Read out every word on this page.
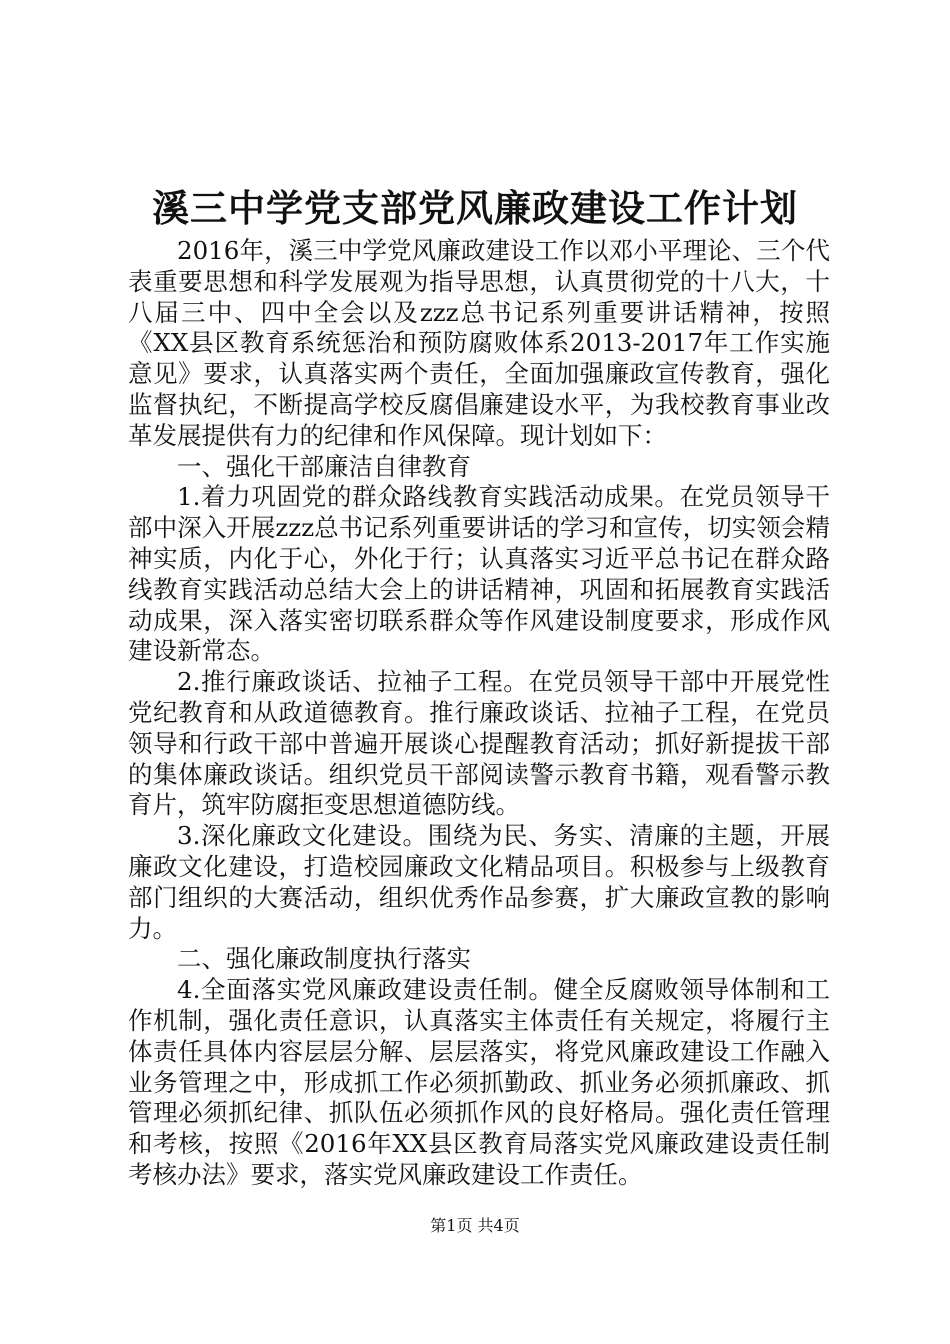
溪三中学党支部党风廉政建设工作计划

2016年，溪三中学党风廉政建设工作以邓小平理论、三个代表重要思想和科学发展观为指导思想，认真贯彻党的十八大，十八届三中、四中全会以及zzz总书记系列重要讲话精神，按照《XX县区教育系统惩治和预防腐败体系2013-2017年工作实施意见》要求，认真落实两个责任，全面加强廉政宣传教育，强化监督执纪，不断提高学校反腐倡廉建设水平，为我校教育事业改革发展提供有力的纪律和作风保障。现计划如下：

一、强化干部廉洁自律教育

1.着力巩固党的群众路线教育实践活动成果。在党员领导干部中深入开展zzz总书记系列重要讲话的学习和宣传，切实领会精神实质，内化于心，外化于行；认真落实习近平总书记在群众路线教育实践活动总结大会上的讲话精神，巩固和拓展教育实践活动成果，深入落实密切联系群众等作风建设制度要求，形成作风建设新常态。

2.推行廉政谈话、拉袖子工程。在党员领导干部中开展党性党纪教育和从政道德教育。推行廉政谈话、拉袖子工程，在党员领导和行政干部中普遍开展谈心提醒教育活动；抓好新提拔干部的集体廉政谈话。组织党员干部阅读警示教育书籍，观看警示教育片，筑牢防腐拒变思想道德防线。

3.深化廉政文化建设。围绕为民、务实、清廉的主题，开展廉政文化建设，打造校园廉政文化精品项目。积极参与上级教育部门组织的大赛活动，组织优秀作品参赛，扩大廉政宣教的影响力。

二、强化廉政制度执行落实

4.全面落实党风廉政建设责任制。健全反腐败领导体制和工作机制，强化责任意识，认真落实主体责任有关规定，将履行主体责任具体内容层层分解、层层落实，将党风廉政建设工作融入业务管理之中，形成抓工作必须抓勤政、抓业务必须抓廉政、抓管理必须抓纪律、抓队伍必须抓作风的良好格局。强化责任管理和考核，按照《2016年XX县区教育局落实党风廉政建设责任制考核办法》要求，落实党风廉政建设工作责任。

第1页 共4页
